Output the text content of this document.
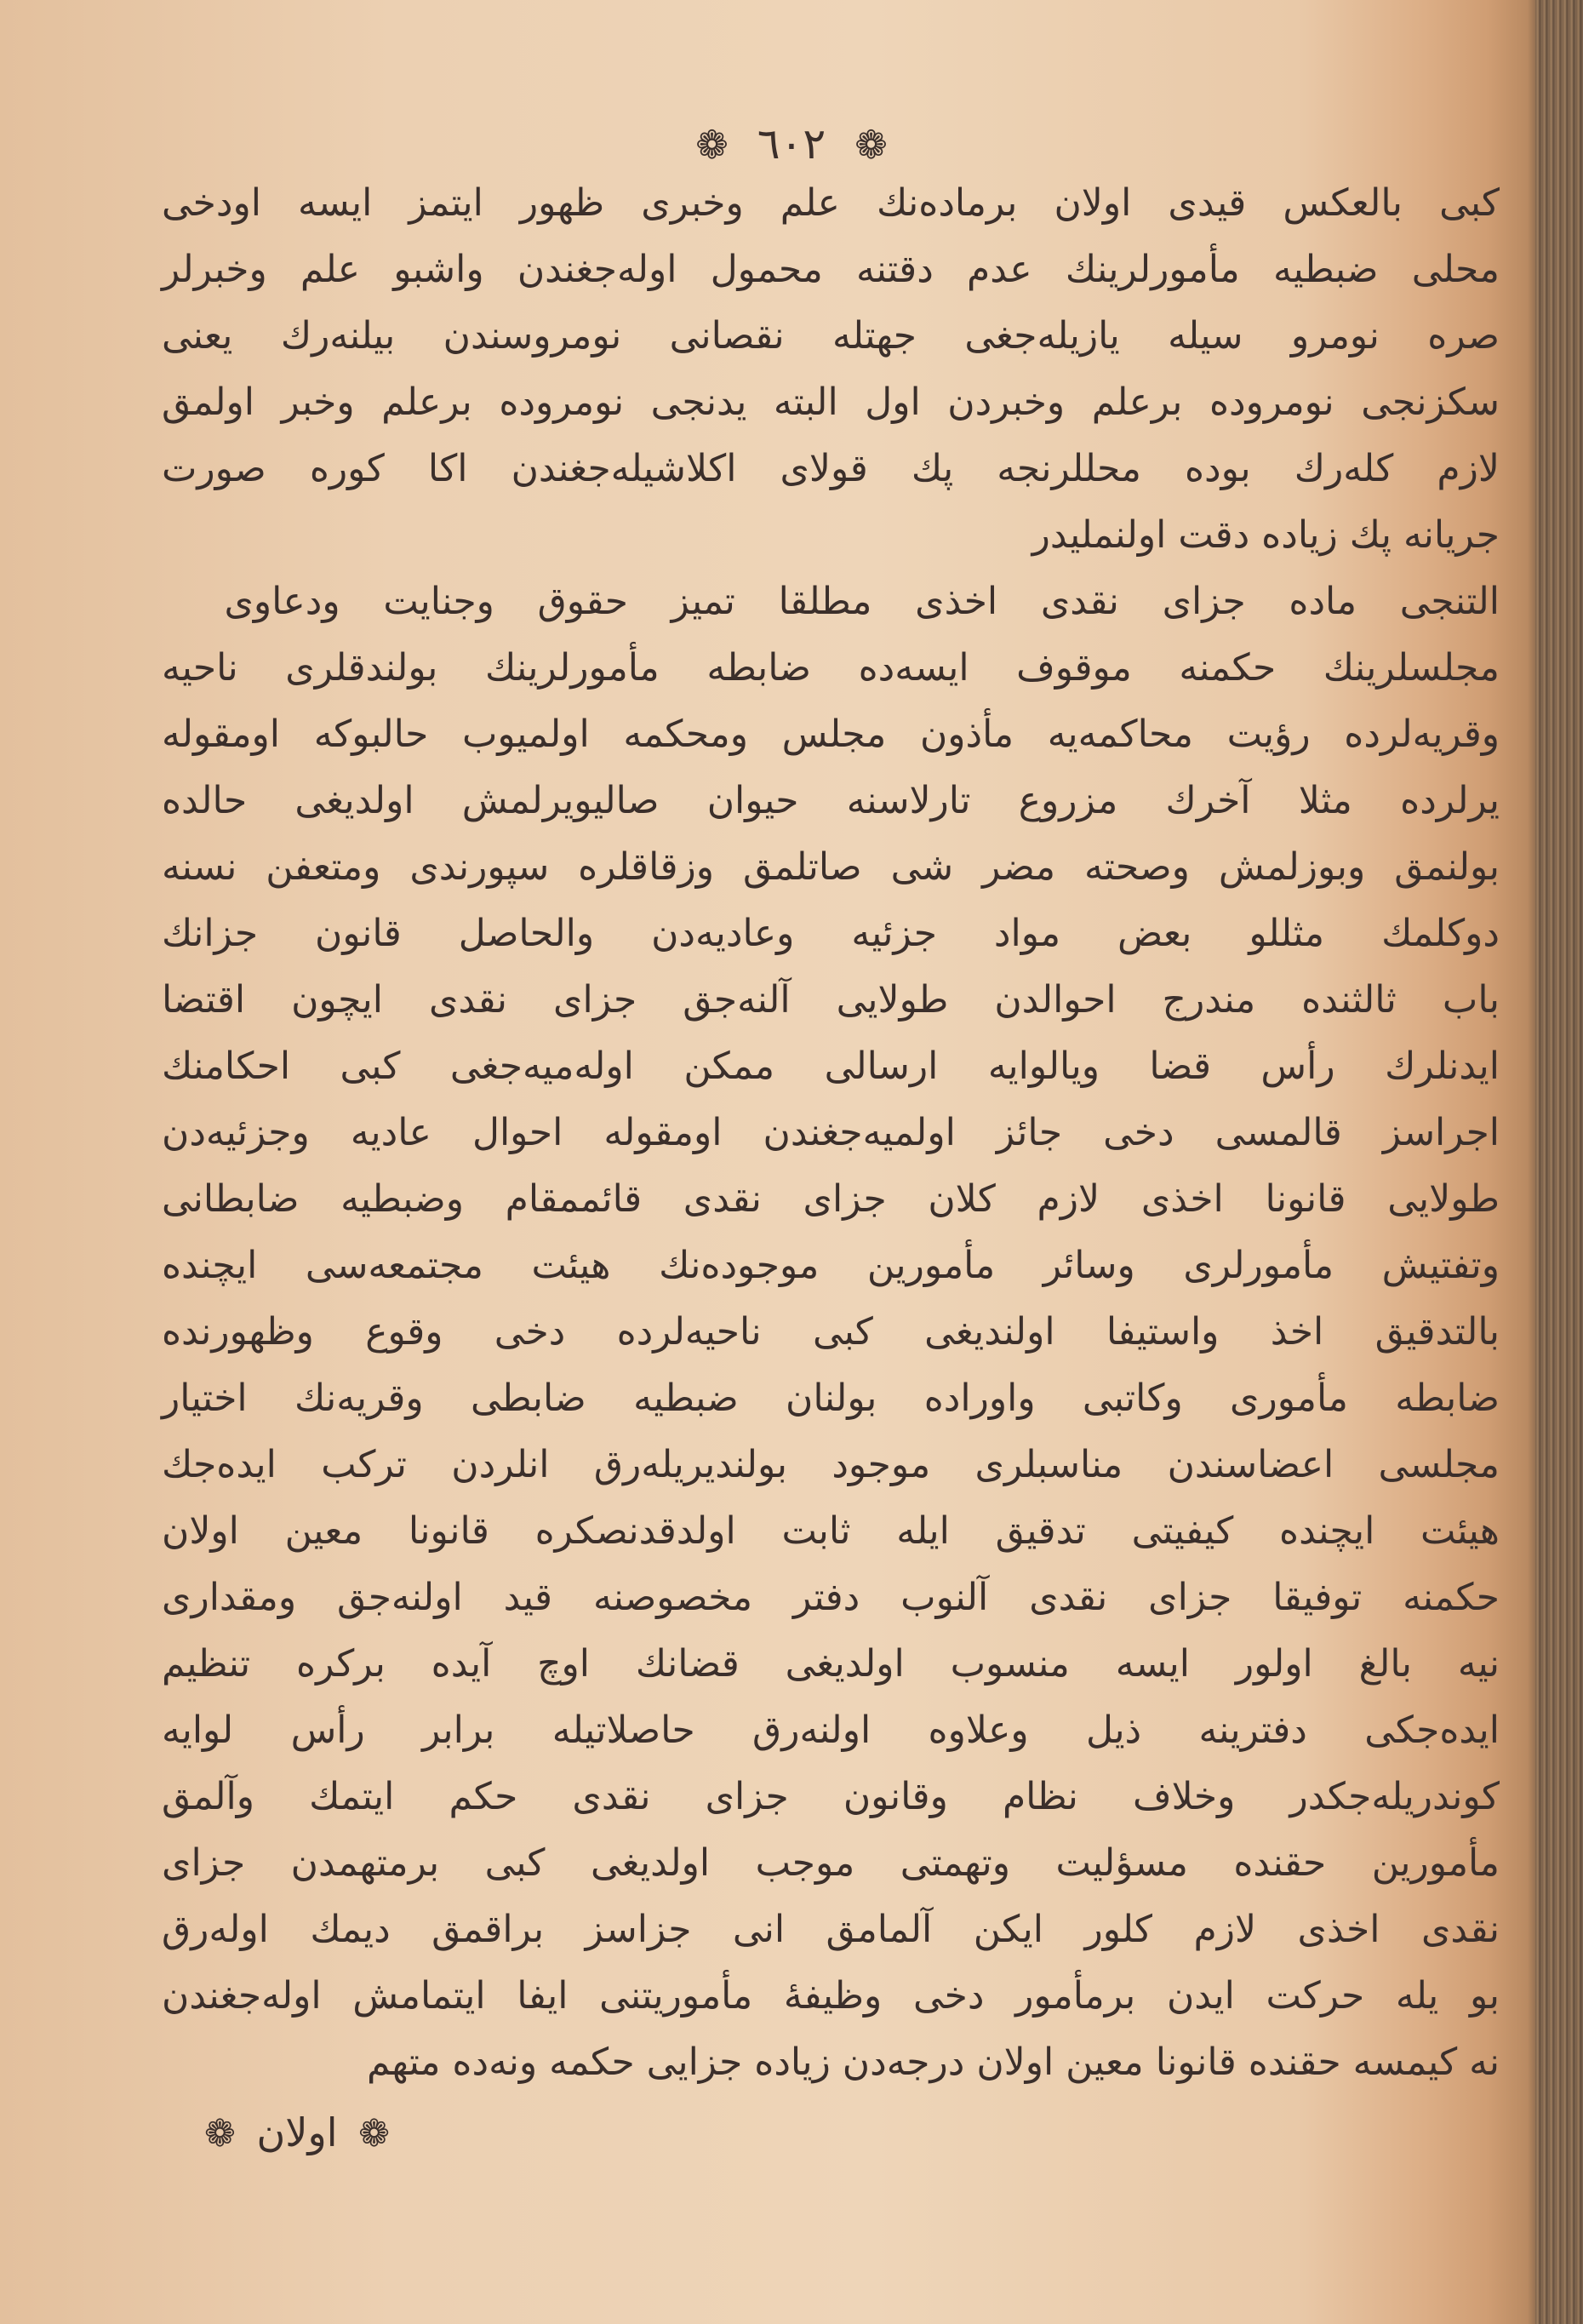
❁ ٦٠٢ ❁
كبی بالعكس قیدی اولان برماده‌نك علم وخبری ظهور ایتمز ایسه اودخی
محلی ضبطیه مأمورلرینك عدم دقتنه محمول اوله‌جغندن واشبو علم وخبرلر
صره نومرو سیله یازیله‌جغی جهتله نقصانی نومروسندن بیلنه‌رك یعنی
سكزنجی نومروده برعلم وخبردن اول البته یدنجی نومروده برعلم وخبر اولمق
لازم كله‌رك بوده محللرنجه پك قولای اكلاشیله‌جغندن اكا كوره صورت
جریانه پك زیاده دقت اولنملیدر
التنجی ماده جزای نقدی اخذی مطلقا تمیز حقوق وجنایت ودعاوی
مجلسلرینك حكمنه موقوف ایسه‌ده ضابطه مأمورلرینك بولندقلری ناحیه
وقریه‌لرده رؤیت محاكمه‌یه مأذون مجلس ومحكمه اولمیوب حالبوكه اومقوله
یرلرده مثلا آخرك مزروع تارلاسنه حیوان صالیویرلمش اولدیغی حالده
بولنمق وبوزلمش وصحته مضر شی صاتلمق وزقاقلره سپورندی ومتعفن نسنه
دوكلمك مثللو بعض مواد جزئیه وعادیه‌دن والحاصل قانون جزانك
باب ثالثنده مندرج احوالدن طولایی آلنه‌جق جزای نقدی ایچون اقتضا
ایدنلرك رأس قضا ویالوایه ارسالی ممكن اوله‌میه‌جغی كبی احكامنك
اجراسز قالمسی دخی جائز اولمیه‌جغندن اومقوله احوال عادیه وجزئیه‌دن
طولایی قانونا اخذی لازم كلان جزای نقدی قائممقام وضبطیه ضابطانی
وتفتیش مأمورلری وسائر مأمورین موجوده‌نك هیئت مجتمعه‌سی ایچنده
بالتدقیق اخذ واستیفا اولندیغی كبی ناحیه‌لرده دخی وقوع وظهورنده
ضابطه مأموری وكاتبی واوراده بولنان ضبطیه ضابطی وقریه‌نك اختیار
مجلسی اعضاسندن مناسبلری موجود بولندیریله‌رق انلردن تركب ایده‌جك
هیئت ایچنده كیفیتی تدقیق ایله ثابت اولدقدنصكره قانونا معین اولان
حكمنه توفیقا جزای نقدی آلنوب دفتر مخصوصنه قید اولنه‌جق ومقداری
نیه بالغ اولور ایسه منسوب اولدیغی قضانك اوچ آیده بركره تنظیم
ایده‌جكی دفترینه ذیل وعلاوه اولنه‌رق حاصلاتیله برابر رأس لوایه
كوندریله‌جكدر وخلاف نظام وقانون جزای نقدی حكم ایتمك وآلمق
مأمورین حقنده مسؤلیت وتهمتی موجب اولدیغی كبی برمتهمدن جزای
نقدی اخذی لازم كلور ایكن آلمامق انی جزاسز براقمق دیمك اوله‌رق
بو یله حركت ایدن برمأمور دخی وظیفهٔ مأموریتنی ایفا ایتمامش اوله‌جغندن
نه كیمسه حقنده قانونا معین اولان درجه‌دن زیاده جزایی حكمه ونه‌ده متهم
❁ اولان ❁
